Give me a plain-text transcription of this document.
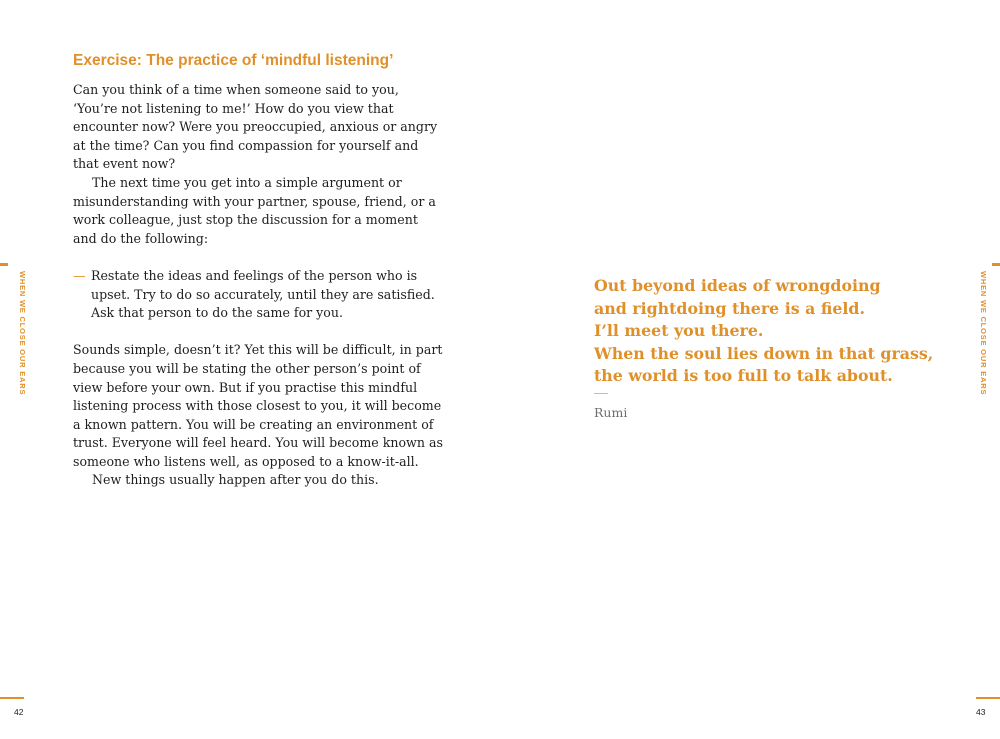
Exercise: The practice of ‘mindful listening’

Can you think of a time when someone said to you, ‘You’re not listening to me!’ How do you view that encounter now? Were you preoccupied, anxious or angry at the time? Can you find compassion for yourself and that event now?

The next time you get into a simple argument or misunderstanding with your partner, spouse, friend, or a work colleague, just stop the discussion for a moment and do the following:

— Restate the ideas and feelings of the person who is upset. Try to do so accurately, until they are satisfied. Ask that person to do the same for you.

Sounds simple, doesn’t it? Yet this will be difficult, in part because you will be stating the other person’s point of view before your own. But if you practise this mindful listening process with those closest to you, it will become a known pattern. You will be creating an environment of trust. Everyone will feel heard. You will become known as someone who listens well, as opposed to a know-it-all.

New things usually happen after you do this.

WHEN WE CLOSE OUR EARS
42
Out beyond ideas of wrongdoing
and rightdoing there is a field.
I’ll meet you there.
When the soul lies down in that grass,
the world is too full to talk about.
Rumi
WHEN WE CLOSE OUR EARS
43
